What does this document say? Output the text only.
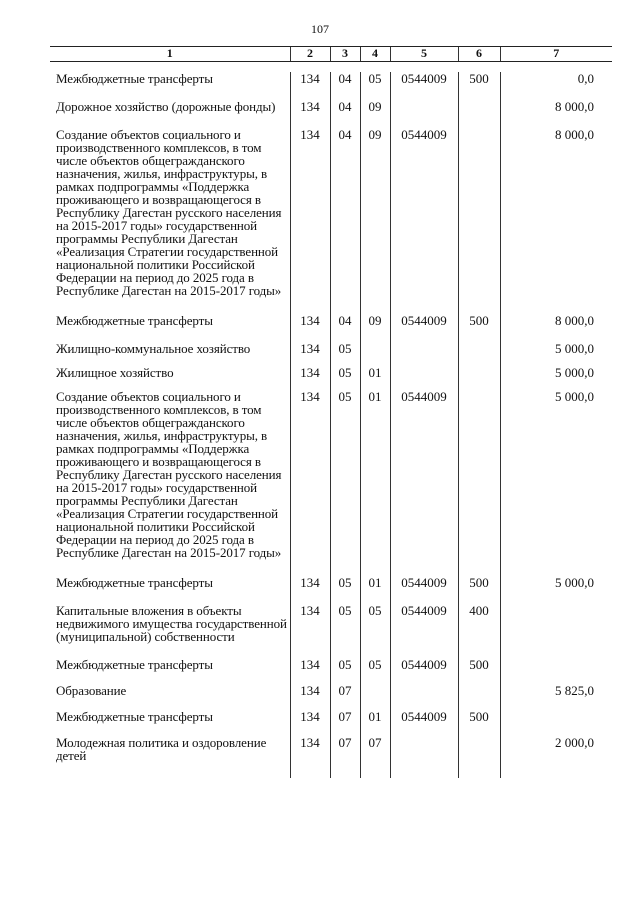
107
1	2	3	4	5	6	7

Межбюджетные трансферты	134	04	05	0544009	500	0,0
Дорожное хозяйство (дорожные фонды)	134	04	09			8 000,0
Создание объектов социального и производственного комплексов, в том числе объектов общегражданского назначения, жилья, инфраструктуры, в рамках подпрограммы «Поддержка проживающего и возвращающегося в Республику Дагестан русского населения на 2015-2017 годы» государственной программы Республики Дагестан «Реализация Стратегии государственной национальной политики Российской Федерации на период до 2025 года в Республике Дагестан на 2015-2017 годы»	134	04	09	0544009		8 000,0
Межбюджетные трансферты	134	04	09	0544009	500	8 000,0
Жилищно-коммунальное хозяйство	134	05				5 000,0
Жилищное хозяйство	134	05	01			5 000,0
Создание объектов социального и производственного комплексов, в том числе объектов общегражданского назначения, жилья, инфраструктуры, в рамках подпрограммы «Поддержка проживающего и возвращающегося в Республику Дагестан русского населения на 2015-2017 годы» государственной программы Республики Дагестан «Реализация Стратегии государственной национальной политики Российской Федерации на период до 2025 года в Республике Дагестан на 2015-2017 годы»	134	05	01	0544009		5 000,0
Межбюджетные трансферты	134	05	01	0544009	500	5 000,0
Капитальные вложения в объекты недвижимого имущества государственной (муниципальной) собственности	134	05	05	0544009	400	
Межбюджетные трансферты	134	05	05	0544009	500	
Образование	134	07				5 825,0
Межбюджетные трансферты	134	07	01	0544009	500	
Молодежная политика и оздоровление детей	134	07	07			2 000,0
